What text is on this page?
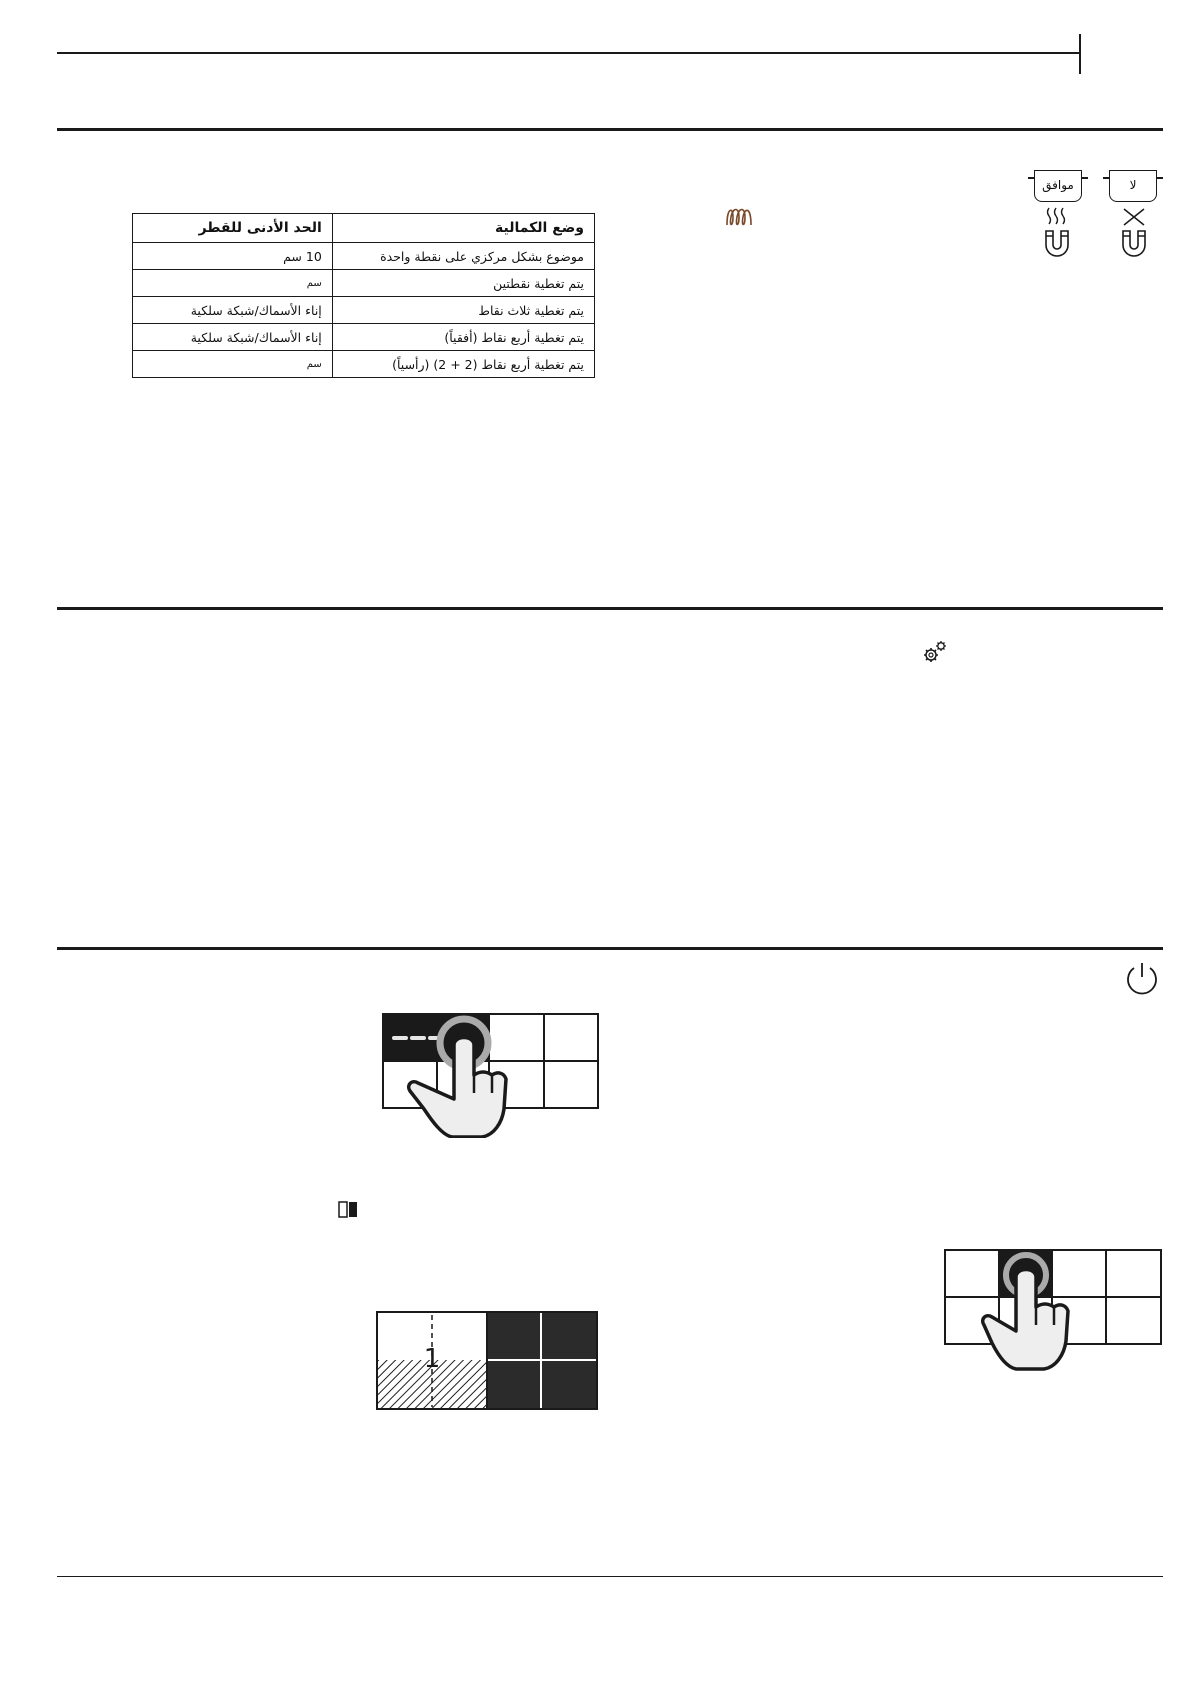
موافق	لا
وضع الكمالية	الحد الأدنى للقطر
موضوع بشكل مركزي على نقطة واحدة	10 سم
يتم تغطية نقطتين	سم
يتم تغطية ثلاث نقاط	إناء الأسماك/شبكة سلكية
يتم تغطية أربع نقاط (أفقياً)	إناء الأسماك/شبكة سلكية
يتم تغطية أربع نقاط (2 + 2) (رأسياً)	سم
1
